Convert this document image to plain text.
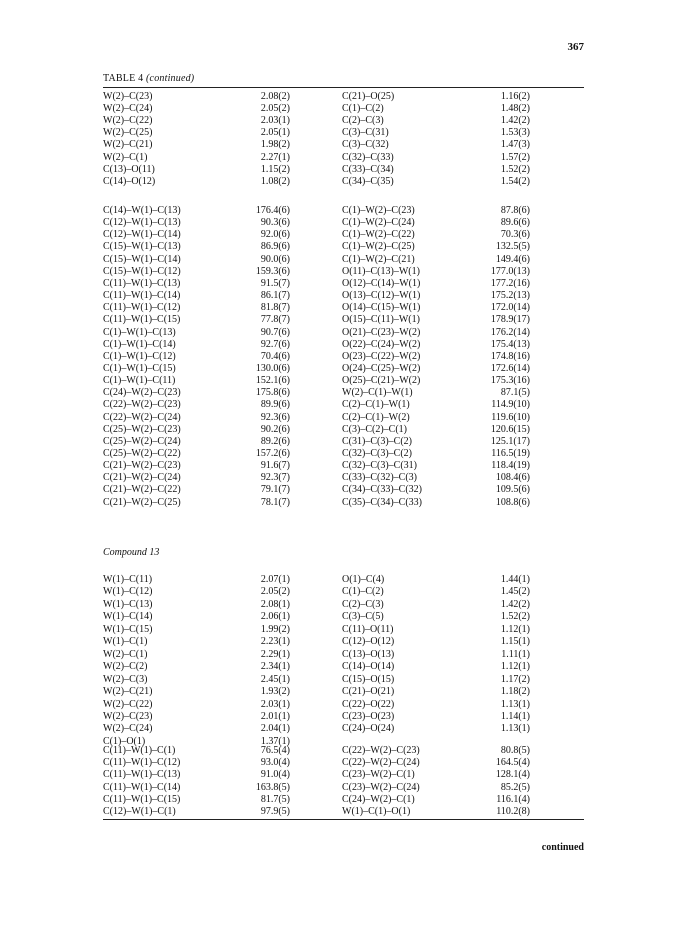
367
TABLE 4 (continued)
W(2)–C(23)	2.08(2)	C(21)–O(25)	1.16(2)
W(2)–C(24)	2.05(2)	C(1)–C(2)	1.48(2)
W(2)–C(22)	2.03(1)	C(2)–C(3)	1.42(2)
W(2)–C(25)	2.05(1)	C(3)–C(31)	1.53(3)
W(2)–C(21)	1.98(2)	C(3)–C(32)	1.47(3)
W(2)–C(1)	2.27(1)	C(32)–C(33)	1.57(2)
C(13)–O(11)	1.15(2)	C(33)–C(34)	1.52(2)
C(14)–O(12)	1.08(2)	C(34)–C(35)	1.54(2)
C(14)–W(1)–C(13)	176.4(6)	C(1)–W(2)–C(23)	87.8(6)
C(12)–W(1)–C(13)	90.3(6)	C(1)–W(2)–C(24)	89.6(6)
C(12)–W(1)–C(14)	92.0(6)	C(1)–W(2)–C(22)	70.3(6)
C(15)–W(1)–C(13)	86.9(6)	C(1)–W(2)–C(25)	132.5(5)
C(15)–W(1)–C(14)	90.0(6)	C(1)–W(2)–C(21)	149.4(6)
C(15)–W(1)–C(12)	159.3(6)	O(11)–C(13)–W(1)	177.0(13)
C(11)–W(1)–C(13)	91.5(7)	O(12)–C(14)–W(1)	177.2(16)
C(11)–W(1)–C(14)	86.1(7)	O(13)–C(12)–W(1)	175.2(13)
C(11)–W(1)–C(12)	81.8(7)	O(14)–C(15)–W(1)	172.0(14)
C(11)–W(1)–C(15)	77.8(7)	O(15)–C(11)–W(1)	178.9(17)
C(1)–W(1)–C(13)	90.7(6)	O(21)–C(23)–W(2)	176.2(14)
C(1)–W(1)–C(14)	92.7(6)	O(22)–C(24)–W(2)	175.4(13)
C(1)–W(1)–C(12)	70.4(6)	O(23)–C(22)–W(2)	174.8(16)
C(1)–W(1)–C(15)	130.0(6)	O(24)–C(25)–W(2)	172.6(14)
C(1)–W(1)–C(11)	152.1(6)	O(25)–C(21)–W(2)	175.3(16)
C(24)–W(2)–C(23)	175.8(6)	W(2)–C(1)–W(1)	87.1(5)
C(22)–W(2)–C(23)	89.9(6)	C(2)–C(1)–W(1)	114.9(10)
C(22)–W(2)–C(24)	92.3(6)	C(2)–C(1)–W(2)	119.6(10)
C(25)–W(2)–C(23)	90.2(6)	C(3)–C(2)–C(1)	120.6(15)
C(25)–W(2)–C(24)	89.2(6)	C(31)–C(3)–C(2)	125.1(17)
C(25)–W(2)–C(22)	157.2(6)	C(32)–C(3)–C(2)	116.5(19)
C(21)–W(2)–C(23)	91.6(7)	C(32)–C(3)–C(31)	118.4(19)
C(21)–W(2)–C(24)	92.3(7)	C(33)–C(32)–C(3)	108.4(6)
C(21)–W(2)–C(22)	79.1(7)	C(34)–C(33)–C(32)	109.5(6)
C(21)–W(2)–C(25)	78.1(7)	C(35)–C(34)–C(33)	108.8(6)
W(1)–C(11)	2.07(1)	O(1)–C(4)	1.44(1)
W(1)–C(12)	2.05(2)	C(1)–C(2)	1.45(2)
W(1)–C(13)	2.08(1)	C(2)–C(3)	1.42(2)
W(1)–C(14)	2.06(1)	C(3)–C(5)	1.52(2)
W(1)–C(15)	1.99(2)	C(11)–O(11)	1.12(1)
W(1)–C(1)	2.23(1)	C(12)–O(12)	1.15(1)
W(2)–C(1)	2.29(1)	C(13)–O(13)	1.11(1)
W(2)–C(2)	2.34(1)	C(14)–O(14)	1.12(1)
W(2)–C(3)	2.45(1)	C(15)–O(15)	1.17(2)
W(2)–C(21)	1.93(2)	C(21)–O(21)	1.18(2)
W(2)–C(22)	2.03(1)	C(22)–O(22)	1.13(1)
W(2)–C(23)	2.01(1)	C(23)–O(23)	1.14(1)
W(2)–C(24)	2.04(1)	C(24)–O(24)	1.13(1)
C(1)–O(1)	1.37(1)
C(11)–W(1)–C(1)	76.5(4)	C(22)–W(2)–C(23)	80.8(5)
C(11)–W(1)–C(12)	93.0(4)	C(22)–W(2)–C(24)	164.5(4)
C(11)–W(1)–C(13)	91.0(4)	C(23)–W(2)–C(1)	128.1(4)
C(11)–W(1)–C(14)	163.8(5)	C(23)–W(2)–C(24)	85.2(5)
C(11)–W(1)–C(15)	81.7(5)	C(24)–W(2)–C(1)	116.1(4)
C(12)–W(1)–C(1)	97.9(5)	W(1)–C(1)–O(1)	110.2(8)
Compound 13
continued
